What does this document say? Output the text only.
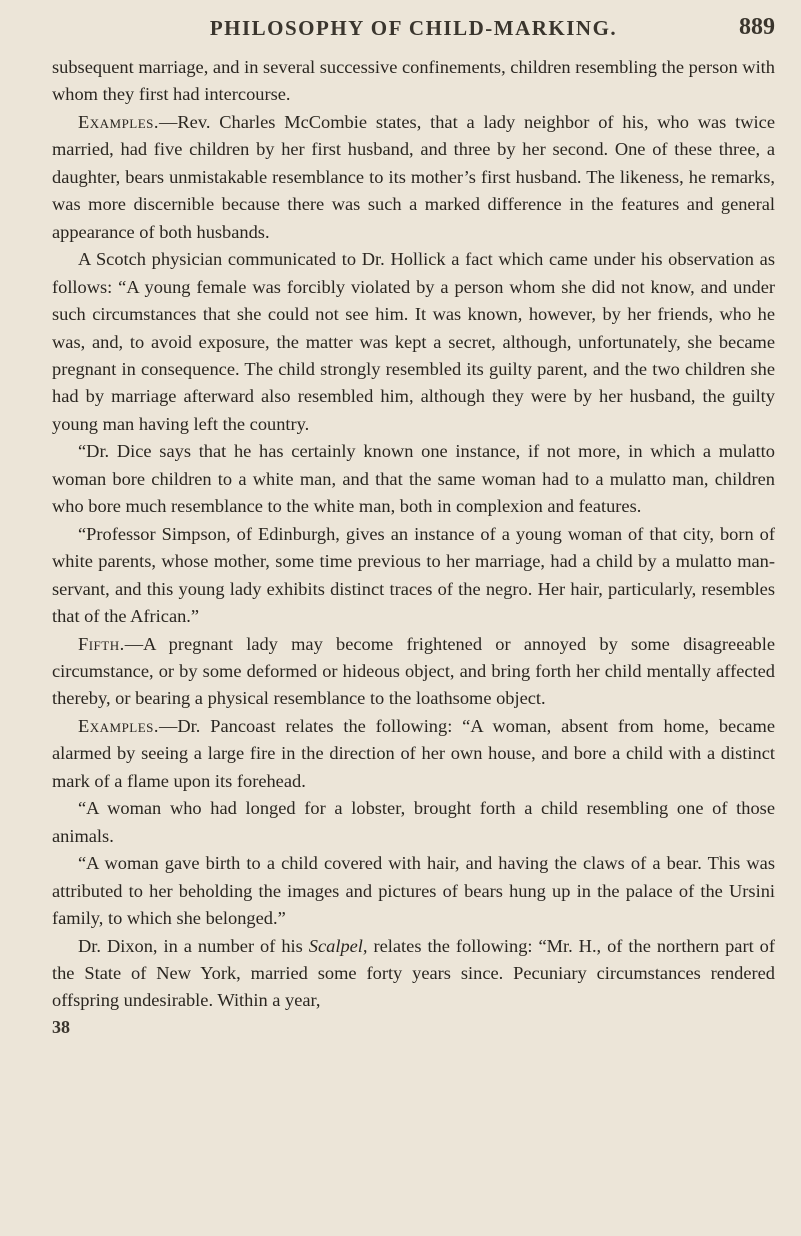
PHILOSOPHY OF CHILD-MARKING.	889

subsequent marriage, and in several successive confinements, children resembling the person with whom they first had intercourse.

Examples.—Rev. Charles McCombie states, that a lady neighbor of his, who was twice married, had five children by her first husband, and three by her second. One of these three, a daughter, bears unmistakable resemblance to its mother’s first husband. The likeness, he remarks, was more discernible because there was such a marked difference in the features and general appearance of both husbands.

A Scotch physician communicated to Dr. Hollick a fact which came under his observation as follows: “A young female was forcibly violated by a person whom she did not know, and under such circumstances that she could not see him. It was known, however, by her friends, who he was, and, to avoid exposure, the matter was kept a secret, although, unfortunately, she became pregnant in consequence. The child strongly resembled its guilty parent, and the two children she had by marriage afterward also resembled him, although they were by her husband, the guilty young man having left the country.

“Dr. Dice says that he has certainly known one instance, if not more, in which a mulatto woman bore children to a white man, and that the same woman had to a mulatto man, children who bore much resemblance to the white man, both in complexion and features.

“Professor Simpson, of Edinburgh, gives an instance of a young woman of that city, born of white parents, whose mother, some time previous to her marriage, had a child by a mulatto man-servant, and this young lady exhibits distinct traces of the negro. Her hair, particularly, resembles that of the African.”

Fifth.—A pregnant lady may become frightened or annoyed by some disagreeable circumstance, or by some deformed or hideous object, and bring forth her child mentally affected thereby, or bearing a physical resemblance to the loathsome object.

Examples.—Dr. Pancoast relates the following: “A woman, absent from home, became alarmed by seeing a large fire in the direction of her own house, and bore a child with a distinct mark of a flame upon its forehead.

“A woman who had longed for a lobster, brought forth a child resembling one of those animals.

“A woman gave birth to a child covered with hair, and having the claws of a bear. This was attributed to her beholding the images and pictures of bears hung up in the palace of the Ursini family, to which she belonged.”

Dr. Dixon, in a number of his Scalpel, relates the following: “Mr. H., of the northern part of the State of New York, married some forty years since. Pecuniary circumstances rendered offspring undesirable. Within a year,

38
